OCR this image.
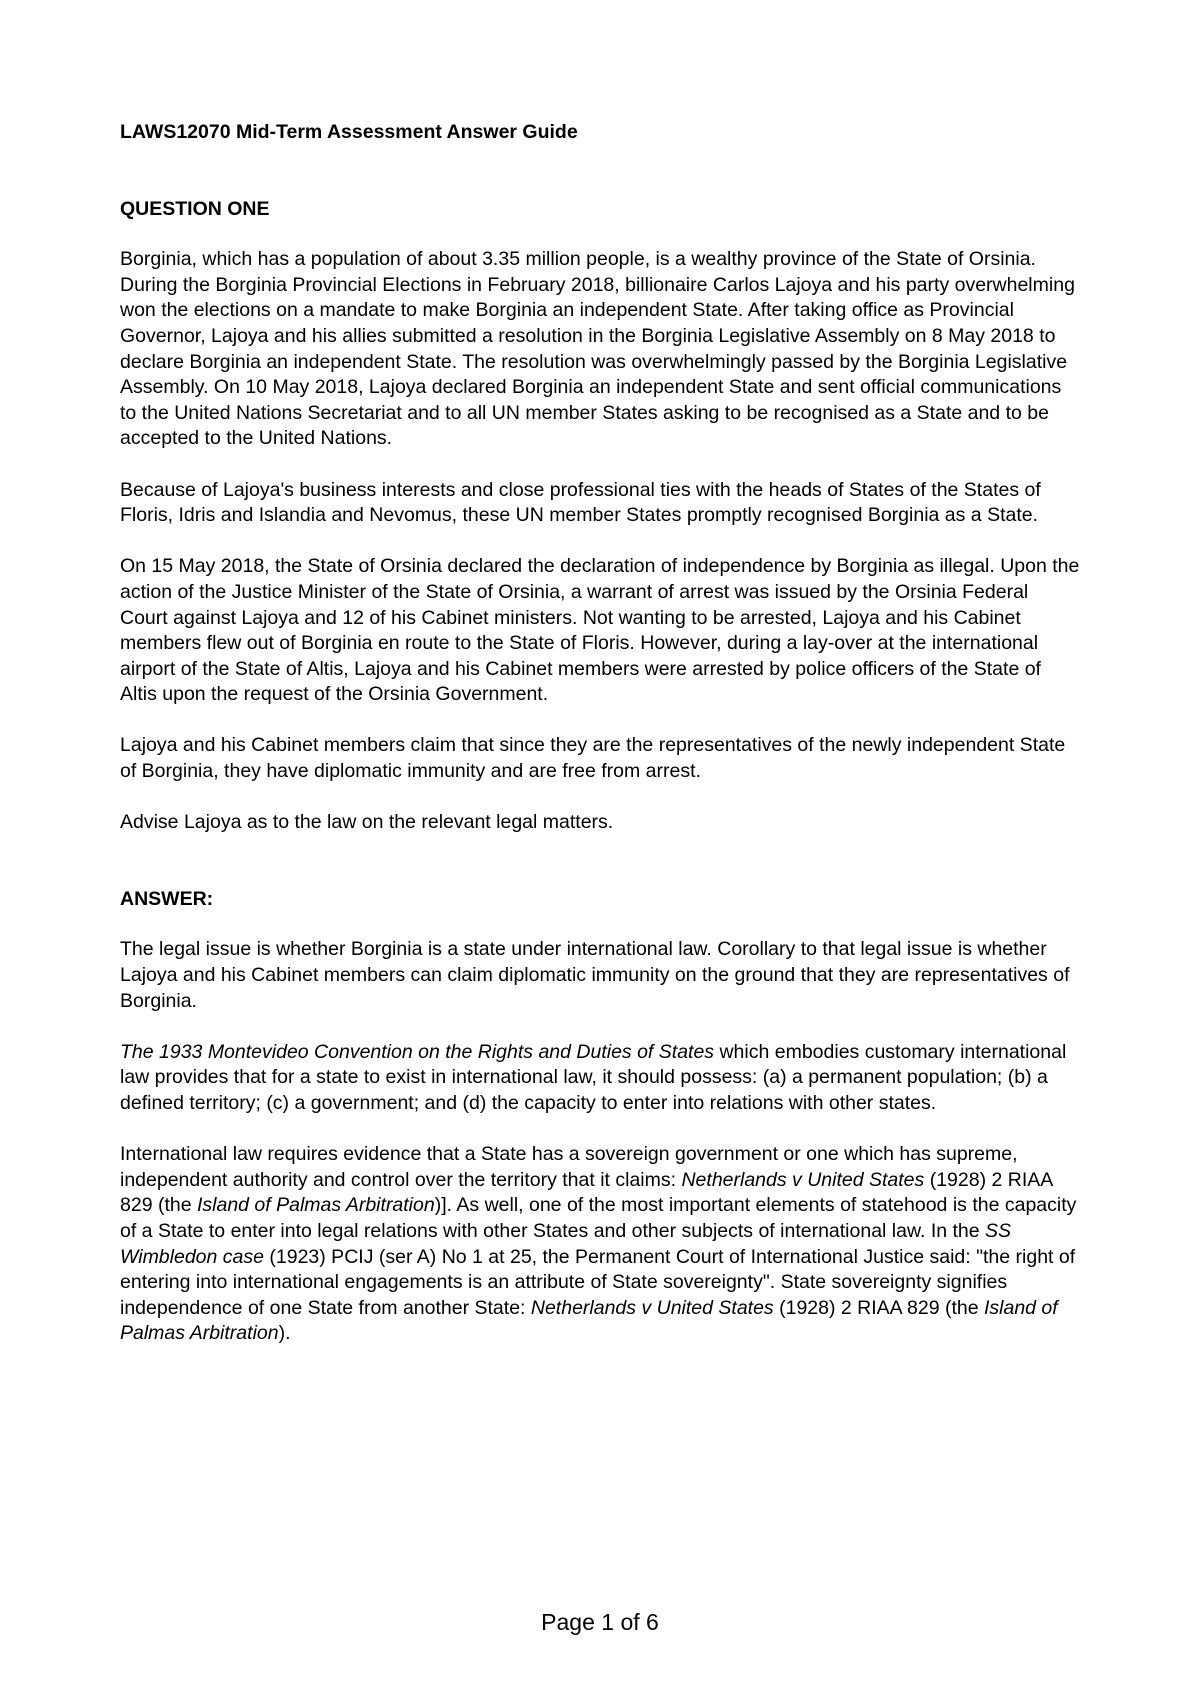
LAWS12070 Mid-Term Assessment Answer Guide
QUESTION ONE

Borginia, which has a population of about 3.35 million people, is a wealthy province of the State of Orsinia. During the Borginia Provincial Elections in February 2018, billionaire Carlos Lajoya and his party overwhelming won the elections on a mandate to make Borginia an independent State. After taking office as Provincial Governor, Lajoya and his allies submitted a resolution in the Borginia Legislative Assembly on 8 May 2018 to declare Borginia an independent State. The resolution was overwhelmingly passed by the Borginia Legislative Assembly. On 10 May 2018, Lajoya declared Borginia an independent State and sent official communications to the United Nations Secretariat and to all UN member States asking to be recognised as a State and to be accepted to the United Nations.

Because of Lajoya's business interests and close professional ties with the heads of States of the States of Floris, Idris and Islandia and Nevomus, these UN member States promptly recognised Borginia as a State.

On 15 May 2018, the State of Orsinia declared the declaration of independence by Borginia as illegal. Upon the action of the Justice Minister of the State of Orsinia, a warrant of arrest was issued by the Orsinia Federal Court against Lajoya and 12 of his Cabinet ministers. Not wanting to be arrested, Lajoya and his Cabinet members flew out of Borginia en route to the State of Floris. However, during a lay-over at the international airport of the State of Altis, Lajoya and his Cabinet members were arrested by police officers of the State of Altis upon the request of the Orsinia Government.

Lajoya and his Cabinet members claim that since they are the representatives of the newly independent State of Borginia, they have diplomatic immunity and are free from arrest.

Advise Lajoya as to the law on the relevant legal matters.

ANSWER:

The legal issue is whether Borginia is a state under international law. Corollary to that legal issue is whether Lajoya and his Cabinet members can claim diplomatic immunity on the ground that they are representatives of Borginia.

The 1933 Montevideo Convention on the Rights and Duties of States which embodies customary international law provides that for a state to exist in international law, it should possess: (a) a permanent population; (b) a defined territory; (c) a government; and (d) the capacity to enter into relations with other states.

International law requires evidence that a State has a sovereign government or one which has supreme, independent authority and control over the territory that it claims: Netherlands v United States (1928) 2 RIAA 829 (the Island of Palmas Arbitration)]. As well, one of the most important elements of statehood is the capacity of a State to enter into legal relations with other States and other subjects of international law. In the SS Wimbledon case (1923) PCIJ (ser A) No 1 at 25, the Permanent Court of International Justice said: "the right of entering into international engagements is an attribute of State sovereignty". State sovereignty signifies independence of one State from another State: Netherlands v United States (1928) 2 RIAA 829 (the Island of Palmas Arbitration).

Page 1 of 6
